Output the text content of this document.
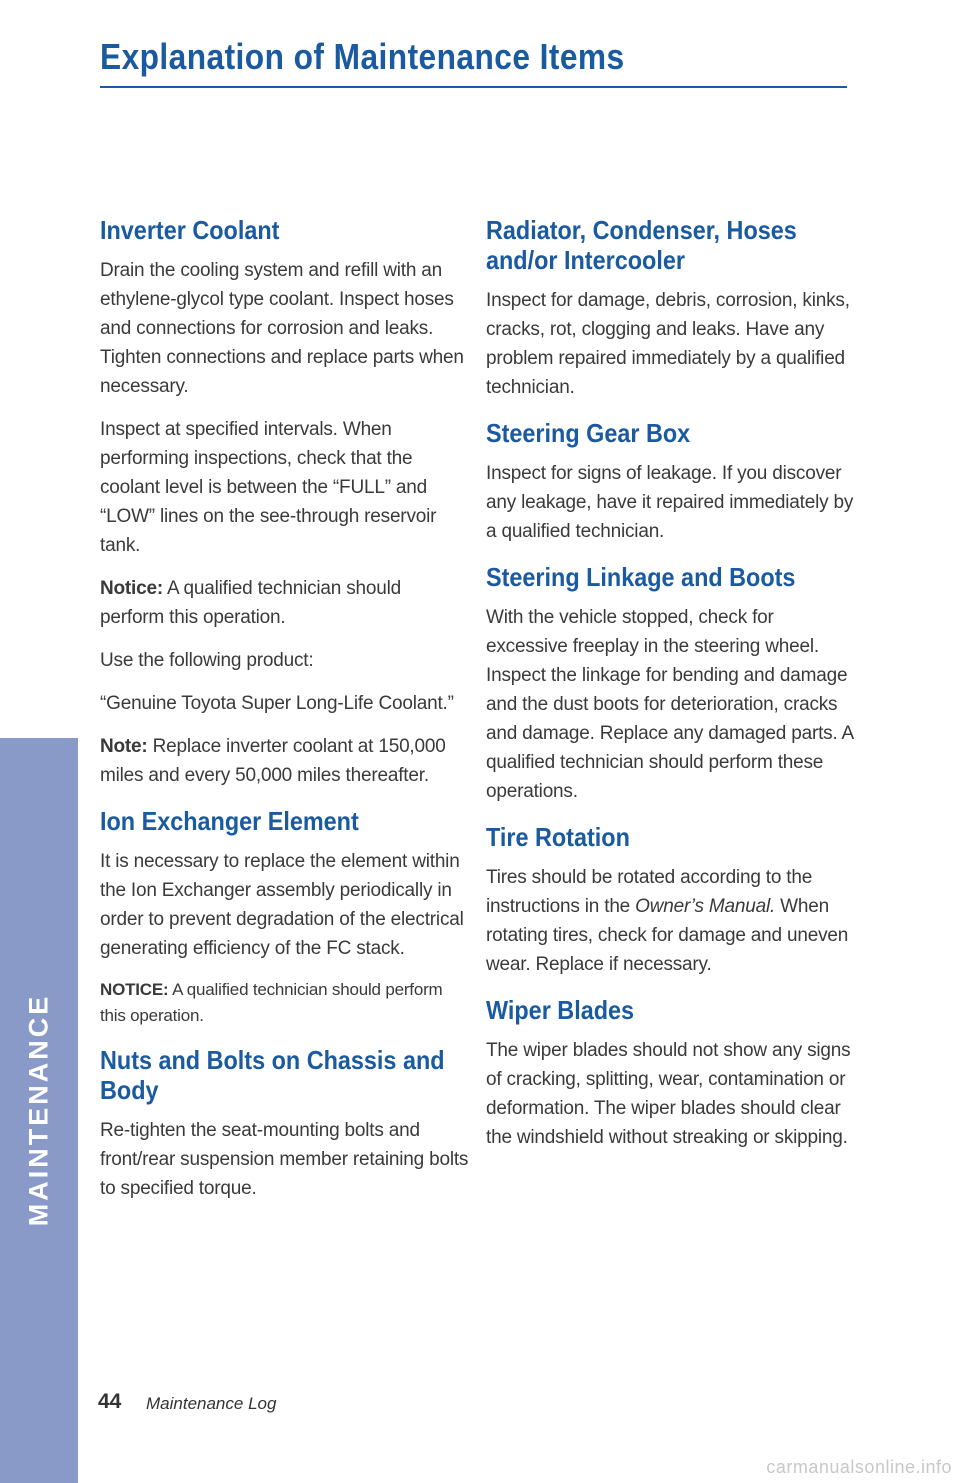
Explanation of Maintenance Items
Inverter Coolant

Drain the cooling system and refill with an ethylene-glycol type coolant. Inspect hoses and connections for corrosion and leaks. Tighten connections and replace parts when necessary.

Inspect at specified intervals. When performing inspections, check that the coolant level is between the “FULL” and “LOW” lines on the see-through reservoir tank.

Notice: A qualified technician should perform this operation.

Use the following product:

“Genuine Toyota Super Long-Life Coolant.”

Note: Replace inverter coolant at 150,000 miles and every 50,000 miles thereafter.

Ion Exchanger Element

It is necessary to replace the element within the Ion Exchanger assembly periodically in order to prevent degradation of the electrical generating efficiency of the FC stack.

NOTICE: A qualified technician should perform this operation.

Nuts and Bolts on Chassis and Body

Re-tighten the seat-mounting bolts and front/rear suspension member retaining bolts to specified torque.

Radiator, Condenser, Hoses and/or Intercooler

Inspect for damage, debris, corrosion, kinks, cracks, rot, clogging and leaks. Have any problem repaired immediately by a qualified technician.

Steering Gear Box

Inspect for signs of leakage. If you discover any leakage, have it repaired immediately by a qualified technician.

Steering Linkage and Boots

With the vehicle stopped, check for excessive freeplay in the steering wheel. Inspect the linkage for bending and damage and the dust boots for deterioration, cracks and damage. Replace any damaged parts. A qualified technician should perform these operations.

Tire Rotation

Tires should be rotated according to the instructions in the Owner’s Manual. When rotating tires, check for damage and uneven wear. Replace if necessary.

Wiper Blades

The wiper blades should not show any signs of cracking, splitting, wear, contamination or deformation. The wiper blades should clear the windshield without streaking or skipping.

MAINTENANCE
44 Maintenance Log
carmanualsonline.info
